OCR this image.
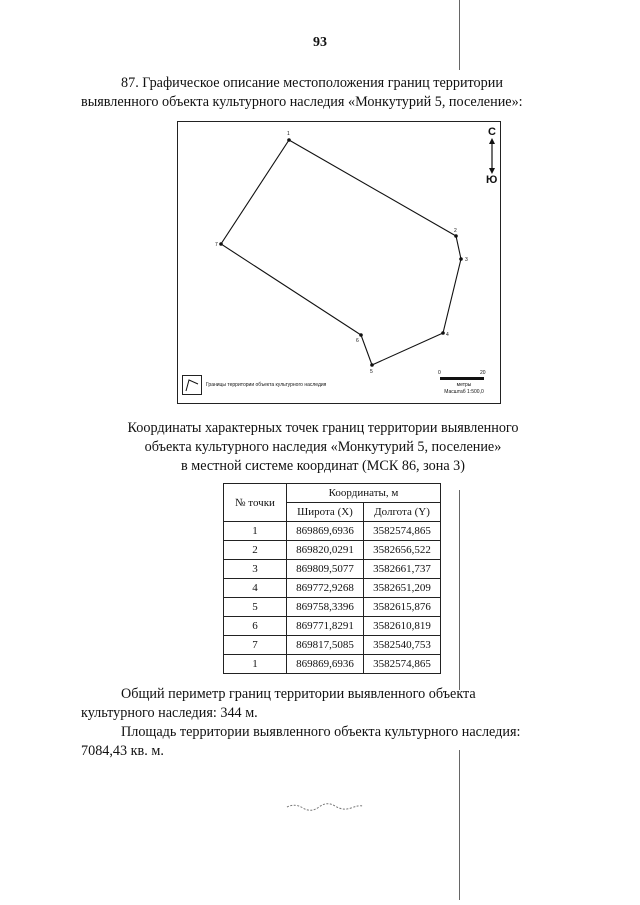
93
87. Графическое описание местоположения границ территории
выявленного объекта культурного наследия «Монкутурий 5, поселение»:
1
2
3
4
5
6
7
С
Ю
Границы территории объекта культурного наследия
0	20
метры
Масштаб 1:500,0
Координаты характерных точек границ территории выявленного
объекта культурного наследия «Монкутурий 5, поселение»
в местной системе координат (МСК 86, зона 3)
№ точки	Координаты, м	
	Широта (X)	Долгота (Y)
1	869869,6936	3582574,865
2	869820,0291	3582656,522
3	869809,5077	3582661,737
4	869772,9268	3582651,209
5	869758,3396	3582615,876
6	869771,8291	3582610,819
7	869817,5085	3582540,753
1	869869,6936	3582574,865
Общий периметр границ территории выявленного объекта
культурного наследия: 344 м.
Площадь территории выявленного объекта культурного наследия:
7084,43 кв. м.
